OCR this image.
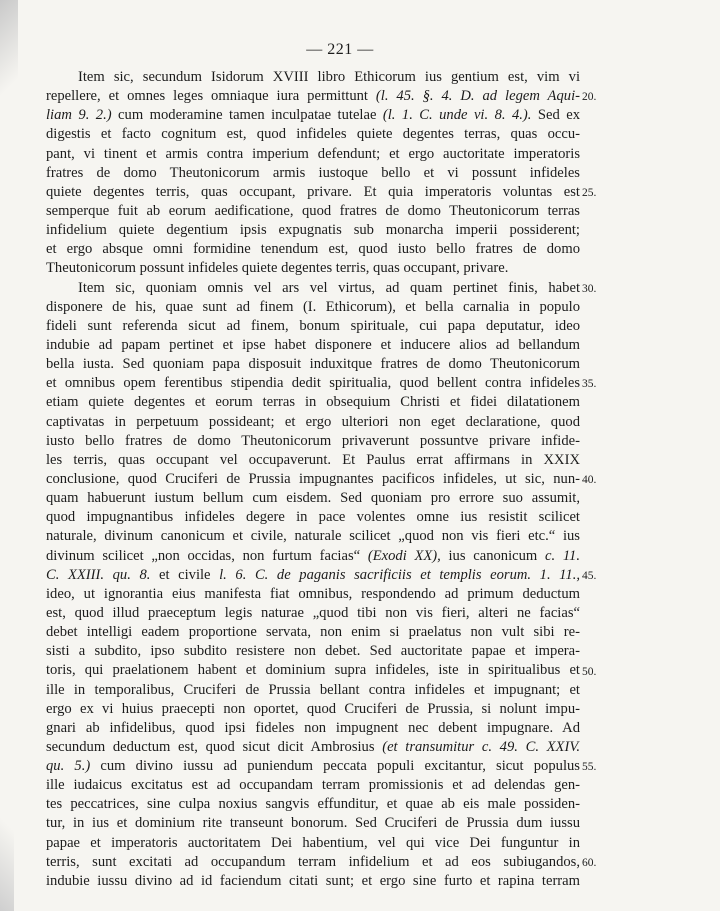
— 221 —
Item sic, secundum Isidorum XVIII libro Ethicorum ius gentium est, vim vi
repellere, et omnes leges omniaque iura permittunt (l. 45. §. 4. D. ad legem Aqui-
liam 9. 2.) cum moderamine tamen inculpatae tutelae (l. 1. C. unde vi. 8. 4.). Sed ex
digestis et facto cognitum est, quod infideles quiete degentes terras, quas occu-
pant, vi tinent et armis contra imperium defendunt; et ergo auctoritate imperatoris
fratres de domo Theutonicorum armis iustoque bello et vi possunt infideles
quiete degentes terris, quas occupant, privare. Et quia imperatoris voluntas est
semperque fuit ab eorum aedificatione, quod fratres de domo Theutonicorum terras
infidelium quiete degentium ipsis expugnatis sub monarcha imperii possiderent;
et ergo absque omni formidine tenendum est, quod iusto bello fratres de domo
Theutonicorum possunt infideles quiete degentes terris, quas occupant, privare.
Item sic, quoniam omnis vel ars vel virtus, ad quam pertinet finis, habet
disponere de his, quae sunt ad finem (I. Ethicorum), et bella carnalia in populo
fideli sunt referenda sicut ad finem, bonum spirituale, cui papa deputatur, ideo
indubie ad papam pertinet et ipse habet disponere et inducere alios ad bellandum
bella iusta. Sed quoniam papa disposuit induxitque fratres de domo Theutonicorum
et omnibus opem ferentibus stipendia dedit spiritualia, quod bellent contra infideles
etiam quiete degentes et eorum terras in obsequium Christi et fidei dilatationem
captivatas in perpetuum possideant; et ergo ulteriori non eget declaratione, quod
iusto bello fratres de domo Theutonicorum privaverunt possuntve privare infide-
les terris, quas occupant vel occupaverunt. Et Paulus errat affirmans in XXIX
conclusione, quod Cruciferi de Prussia impugnantes pacificos infideles, ut sic, nun-
quam habuerunt iustum bellum cum eisdem. Sed quoniam pro errore suo assumit,
quod impugnantibus infideles degere in pace volentes omne ius resistit scilicet
naturale, divinum canonicum et civile, naturale scilicet „quod non vis fieri etc.“ ius
divinum scilicet „non occidas, non furtum facias“ (Exodi XX), ius canonicum c. 11.
C. XXIII. qu. 8. et civile l. 6. C. de paganis sacrificiis et templis eorum. 1. 11.,
ideo, ut ignorantia eius manifesta fiat omnibus, respondendo ad primum deductum
est, quod illud praeceptum legis naturae „quod tibi non vis fieri, alteri ne facias“
debet intelligi eadem proportione servata, non enim si praelatus non vult sibi re-
sisti a subdito, ipso subdito resistere non debet. Sed auctoritate papae et impera-
toris, qui praelationem habent et dominium supra infideles, iste in spiritualibus et
ille in temporalibus, Cruciferi de Prussia bellant contra infideles et impugnant; et
ergo ex vi huius praecepti non oportet, quod Cruciferi de Prussia, si nolunt impu-
gnari ab infidelibus, quod ipsi fideles non impugnent nec debent impugnare. Ad
secundum deductum est, quod sicut dicit Ambrosius (et transumitur c. 49. C. XXIV.
qu. 5.) cum divino iussu ad puniendum peccata populi excitantur, sicut populus
ille iudaicus excitatus est ad occupandam terram promissionis et ad delendas gen-
tes peccatrices, sine culpa noxius sangvis effunditur, et quae ab eis male possiden-
tur, in ius et dominium rite transeunt bonorum. Sed Cruciferi de Prussia dum iussu
papae et imperatoris auctoritatem Dei habentium, vel qui vice Dei funguntur in
terris, sunt excitati ad occupandum terram infidelium et ad eos subiugandos,
indubie iussu divino ad id faciendum citati sunt; et ergo sine furto et rapina terram
20.
25.
30.
35.
40.
45.
50.
55.
60.
